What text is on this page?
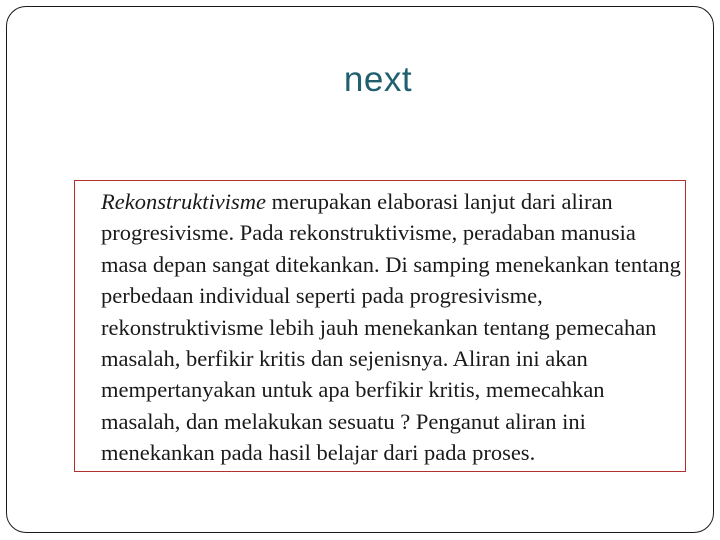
next

Rekonstruktivisme merupakan elaborasi lanjut dari aliran progresivisme. Pada rekonstruktivisme, peradaban manusia masa depan sangat ditekankan. Di samping menekankan tentang perbedaan individual seperti pada progresivisme, rekonstruktivisme lebih jauh menekankan tentang pemecahan masalah, berfikir kritis dan sejenisnya. Aliran ini akan mempertanyakan untuk apa berfikir kritis, memecahkan masalah, dan melakukan sesuatu ? Penganut aliran ini menekankan pada hasil belajar dari pada proses.
